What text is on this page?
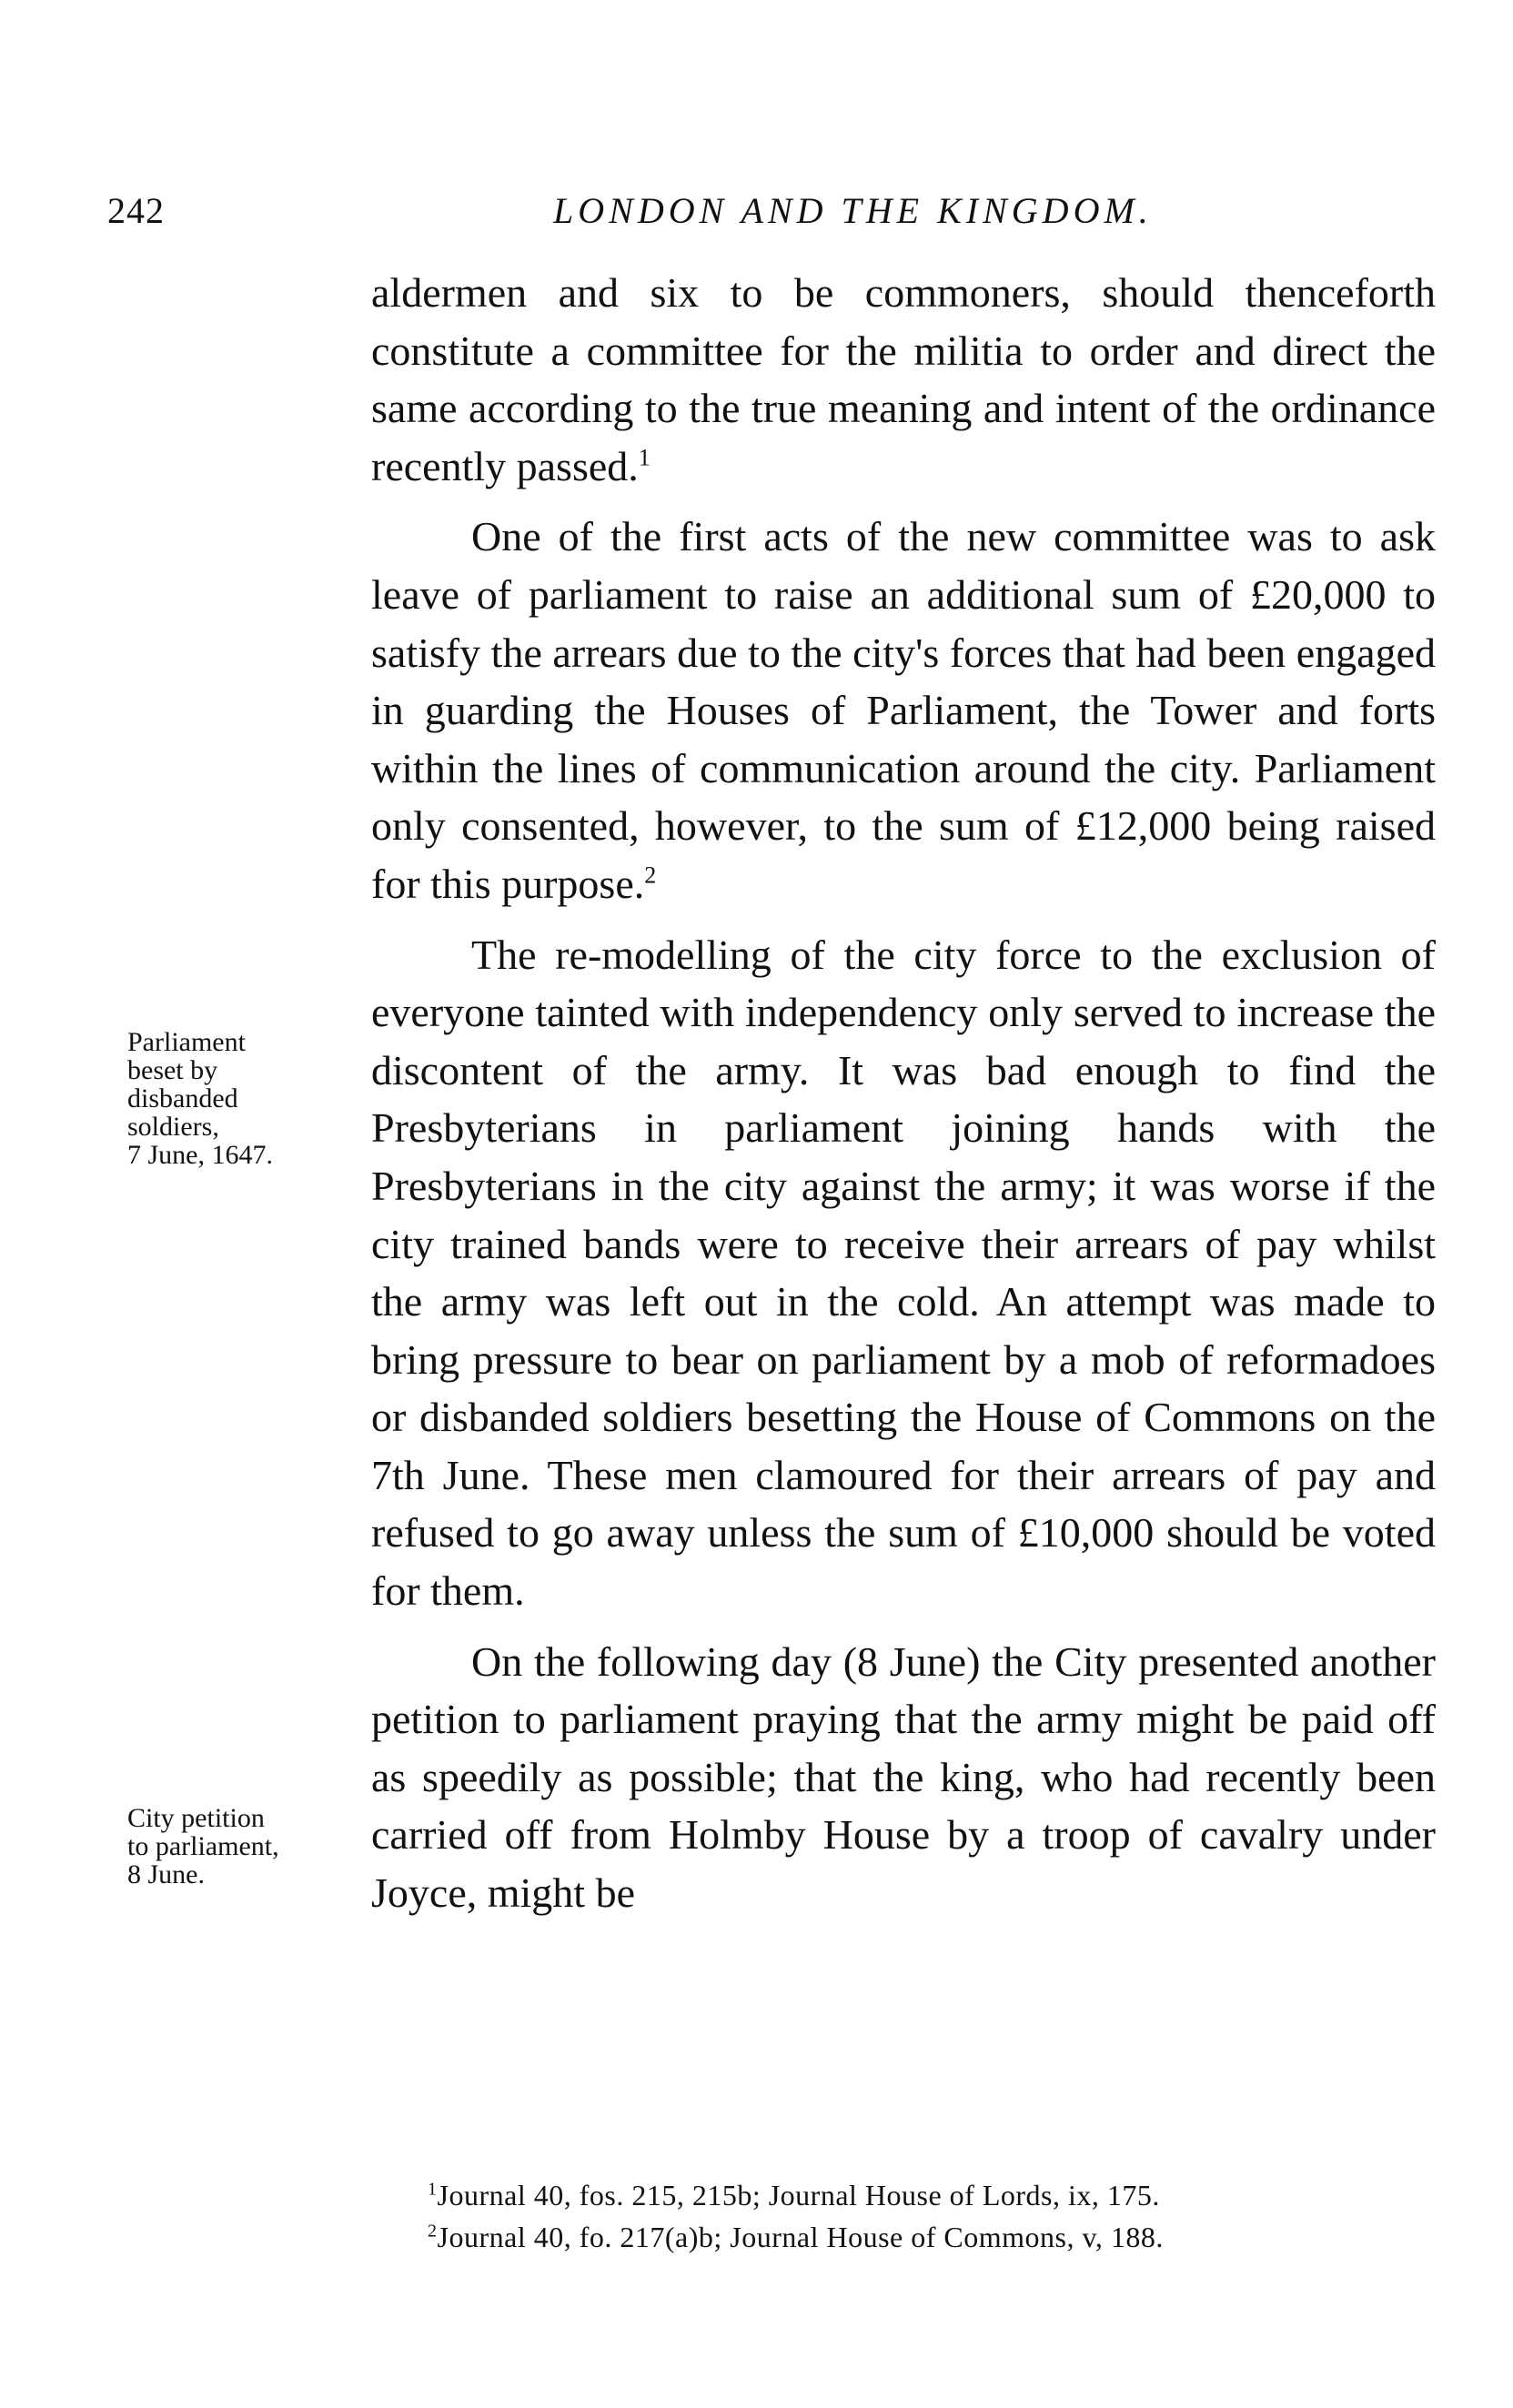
242	LONDON AND THE KINGDOM.

aldermen and six to be commoners, should thenceforth constitute a committee for the militia to order and direct the same according to the true meaning and intent of the ordinance recently passed.$^1$

One of the first acts of the new committee was to ask leave of parliament to raise an additional sum of £20,000 to satisfy the arrears due to the city's forces that had been engaged in guarding the Houses of Parliament, the Tower and forts within the lines of communication around the city. Parliament only consented, however, to the sum of £12,000 being raised for this purpose.$^2$

The re-modelling of the city force to the exclusion of everyone tainted with independency only served to increase the discontent of the army. It was bad enough to find the Presbyterians in parliament joining hands with the Presbyterians in the city against the army; it was worse if the city trained bands were to receive their arrears of pay whilst the army was left out in the cold. An attempt was made to bring pressure to bear on parliament by a mob of reformadoes or disbanded soldiers besetting the House of Commons on the 7th June. These men clamoured for their arrears of pay and refused to go away unless the sum of £10,000 should be voted for them.

On the following day (8 June) the City presented another petition to parliament praying that the army might be paid off as speedily as possible; that the king, who had recently been carried off from Holmby House by a troop of cavalry under Joyce, might be

Parliament
beset by
disbanded
soldiers,
7 June, 1647.
City petition
to parliament,
8 June.

$^1$Journal 40, fos. 215, 215b; Journal House of Lords, ix, 175.

$^2$Journal 40, fo. 217(a)b; Journal House of Commons, v, 188.
